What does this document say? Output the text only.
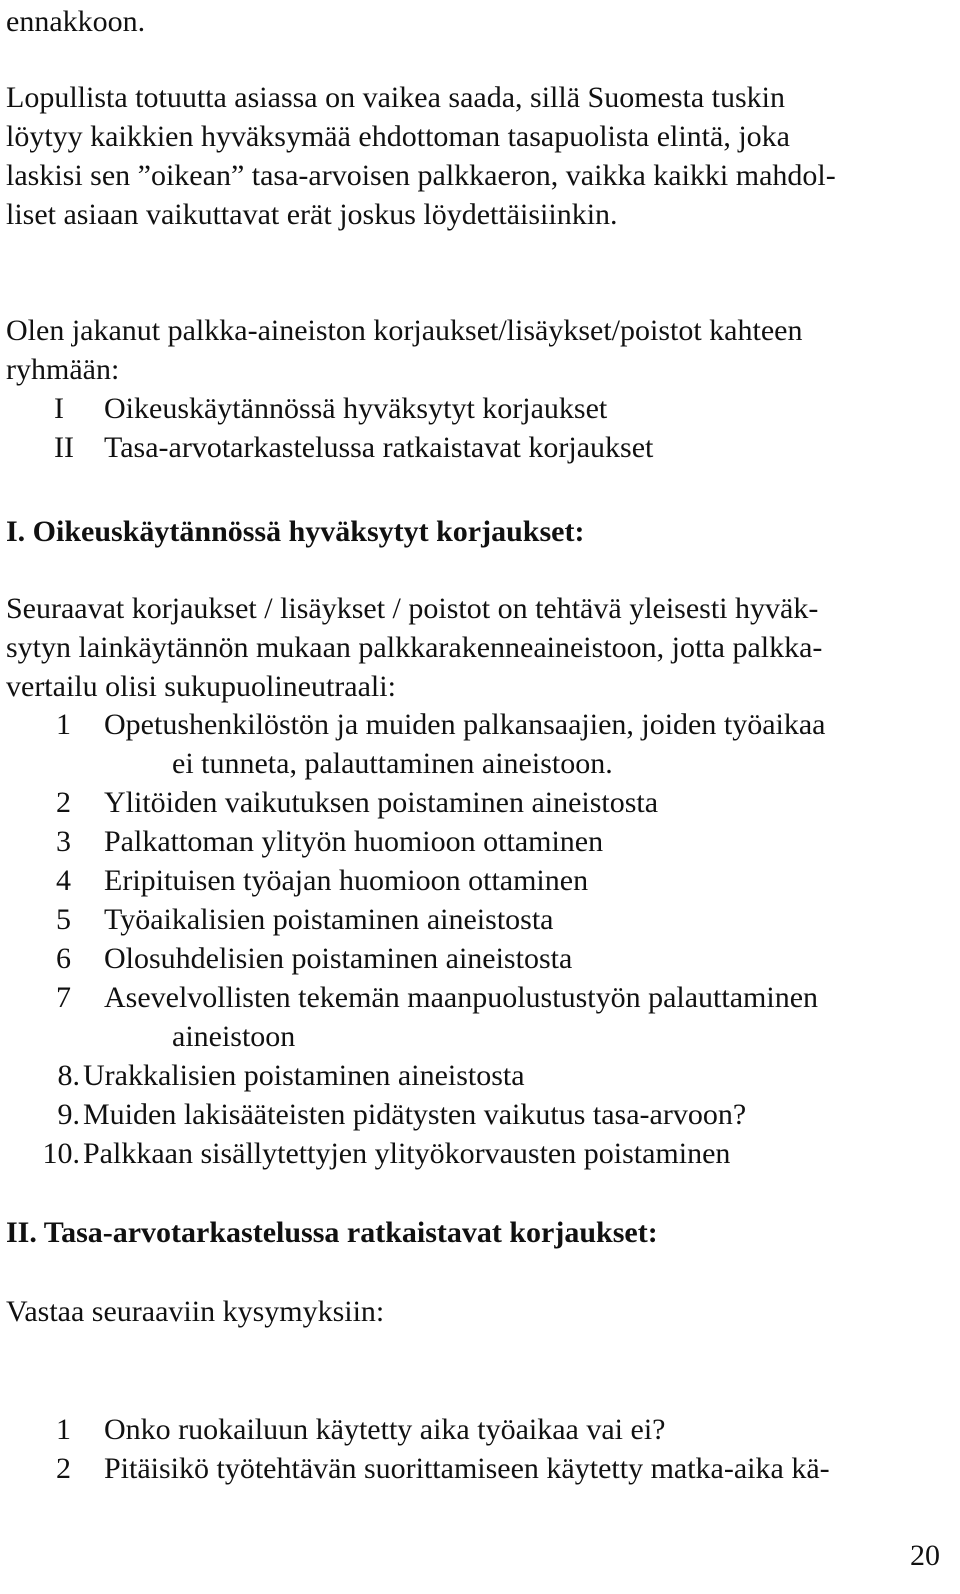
ennakkoon.
Lopullista totuutta asiassa on vaikea saada, sillä Suomesta tuskin
löytyy kaikkien hyväksymää ehdottoman tasapuolista elintä, joka
laskisi sen ”oikean” tasa-arvoisen palkkaeron, vaikka kaikki mahdol-
liset asiaan vaikuttavat erät joskus löydettäisiinkin.
Olen jakanut palkka-aineiston korjaukset/lisäykset/poistot kahteen
ryhmään:
I	Oikeuskäytännössä hyväksytyt korjaukset
II	Tasa-arvotarkastelussa ratkaistavat korjaukset
I. Oikeuskäytännössä hyväksytyt korjaukset:
Seuraavat korjaukset / lisäykset / poistot on tehtävä yleisesti hyväk-
sytyn lainkäytännön mukaan palkkarakenneaineistoon, jotta palkka-
vertailu olisi sukupuolineutraali:
1	Opetushenkilöstön ja muiden palkansaajien, joiden työaikaa
ei tunneta, palauttaminen aineistoon.
2	Ylitöiden vaikutuksen poistaminen aineistosta
3	Palkattoman ylityön huomioon ottaminen
4	Eripituisen työajan huomioon ottaminen
5	Työaikalisien poistaminen aineistosta
6	Olosuhdelisien poistaminen aineistosta
7	Asevelvollisten tekemän maanpuolustustyön palauttaminen
aineistoon
8. Urakkalisien poistaminen aineistosta
9. Muiden lakisääteisten pidätysten vaikutus tasa-arvoon?
10. Palkkaan sisällytettyjen ylityökorvausten poistaminen
II. Tasa-arvotarkastelussa ratkaistavat korjaukset:
Vastaa seuraaviin kysymyksiin:
1	Onko ruokailuun käytetty aika työaikaa vai ei?
2	Pitäisikö työtehtävän suorittamiseen käytetty matka-aika kä-
20
